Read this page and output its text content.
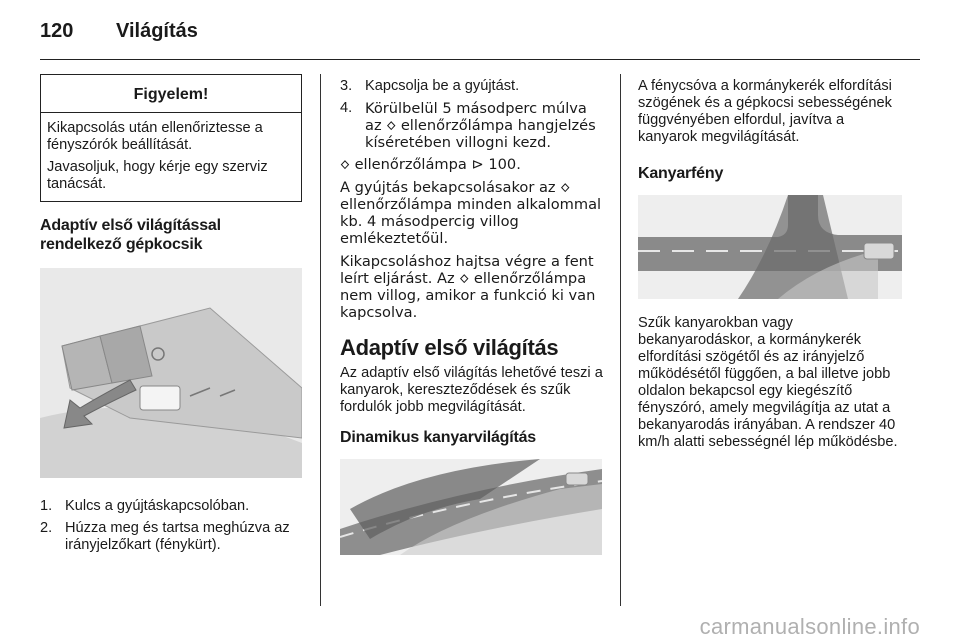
120	Világítás
Figyelem!

Kikapcsolás után ellenőriztesse a fényszórók beállítását.

Javasoljuk, hogy kérje egy szerviz tanácsát.

Adaptív első világítással rendelkező gépkocsik
1. Kulcs a gyújtáskapcsolóban.
2. Húzza meg és tartsa meghúzva az irányjelzőkart (fénykürt).
3. Kapcsolja be a gyújtást.
4. Körülbelül 5 másodperc múlva az 🝔 ellenőrzőlámpa hangjelzés kíséretében villogni kezd.

🝔 ellenőrzőlámpa ⊳ 100.

A gyújtás bekapcsolásakor az 🝔 ellenőrzőlámpa minden alkalommal kb. 4 másodpercig villog emlékeztetőül.

Kikapcsoláshoz hajtsa végre a fent leírt eljárást. Az 🝔 ellenőrzőlámpa nem villog, amikor a funkció ki van kapcsolva.

Adaptív első világítás

Az adaptív első világítás lehetővé teszi a kanyarok, kereszteződések és szűk fordulók jobb megvilágítását.

Dinamikus kanyarvilágítás

A fénycsóva a kormánykerék elfordítási szögének és a gépkocsi sebességének függvényében elfordul, javítva a kanyarok megvilágítását.

Kanyarfény

Szűk kanyarokban vagy bekanyarodáskor, a kormánykerék elfordítási szögétől és az irányjelző működésétől függően, a bal illetve jobb oldalon bekapcsol egy kiegészítő fényszóró, amely megvilágítja az utat a bekanyarodás irányában. A rendszer 40 km/h alatti sebességnél lép működésbe.

carmanualsonline.info
